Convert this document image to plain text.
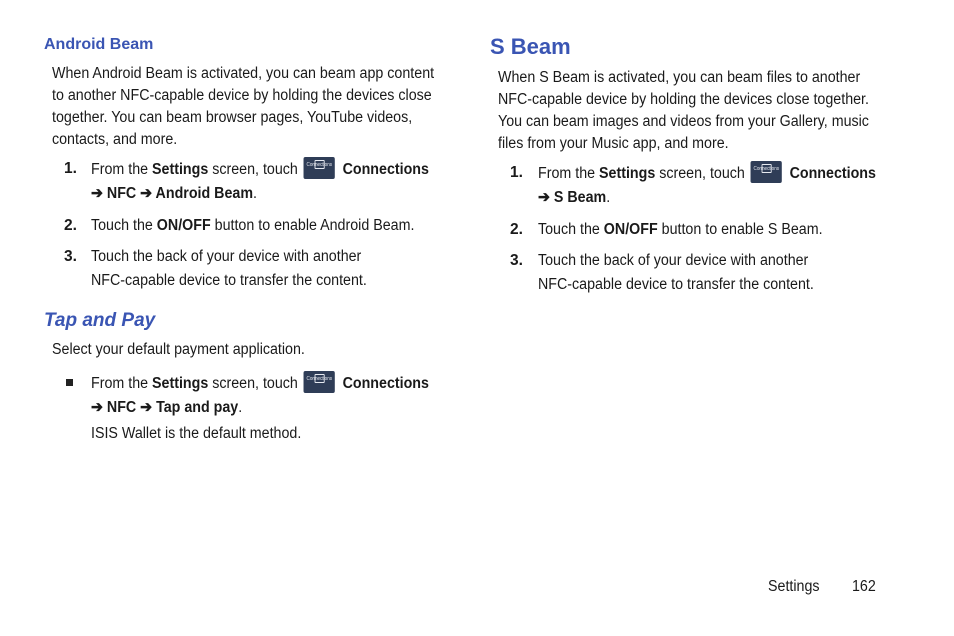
Android Beam
When Android Beam is activated, you can beam app content
to another NFC-capable device by holding the devices close
together. You can beam browser pages, YouTube videos,
contacts, and more.
1. From the Settings screen, touch	Connections Connections
➔ NFC ➔ Android Beam.
2. Touch the ON/OFF button to enable Android Beam.
3. Touch the back of your device with another
NFC-capable device to transfer the content.
Tap and Pay
Select your default payment application.
From the Settings screen, touch	Connections Connections
➔ NFC ➔ Tap and pay.
ISIS Wallet is the default method.
S Beam
When S Beam is activated, you can beam files to another
NFC-capable device by holding the devices close together.
You can beam images and videos from your Gallery, music
files from your Music app, and more.
1. From the Settings screen, touch	Connections Connections
➔ S Beam.
2. Touch the ON/OFF button to enable S Beam.
3. Touch the back of your device with another
NFC-capable device to transfer the content.
Settings 162
